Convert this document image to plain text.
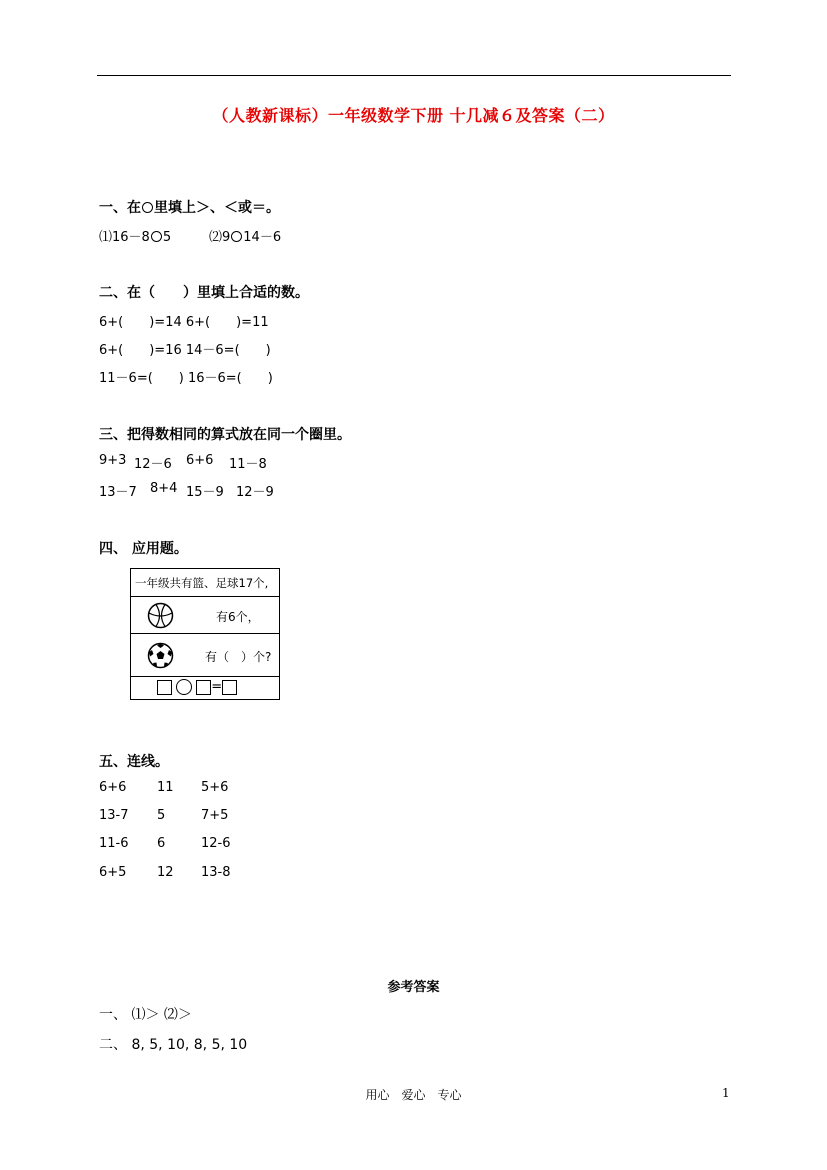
（人教新课标）一年级数学下册 十几减６及答案（二）
一、在 里填上＞、＜或＝。
⑴16－8 5	⑵9 14－6
二、在（　　）里填上合适的数。
6+(　　)=14 6+(　　)=11
6+(　　)=16 14－6=(　　)
11－6=(　　) 16－6=(　　)
三、把得数相同的算式放在同一个圈里。
9+3 12－6 6+6 11－8
13－7 8+4 15－9 12－9
四、 应用题。
一年级共有篮、足球17个,
有6个，
有（　）个?
=
五、连线。
6+6 11 5+6
13-7 5	7+5
11-6 6	12-6
6+5 12 13-8
参考答案
一、 ⑴＞ ⑵＞
二、 8, 5, 10, 8, 5, 10
用心　爱心　专心	1
